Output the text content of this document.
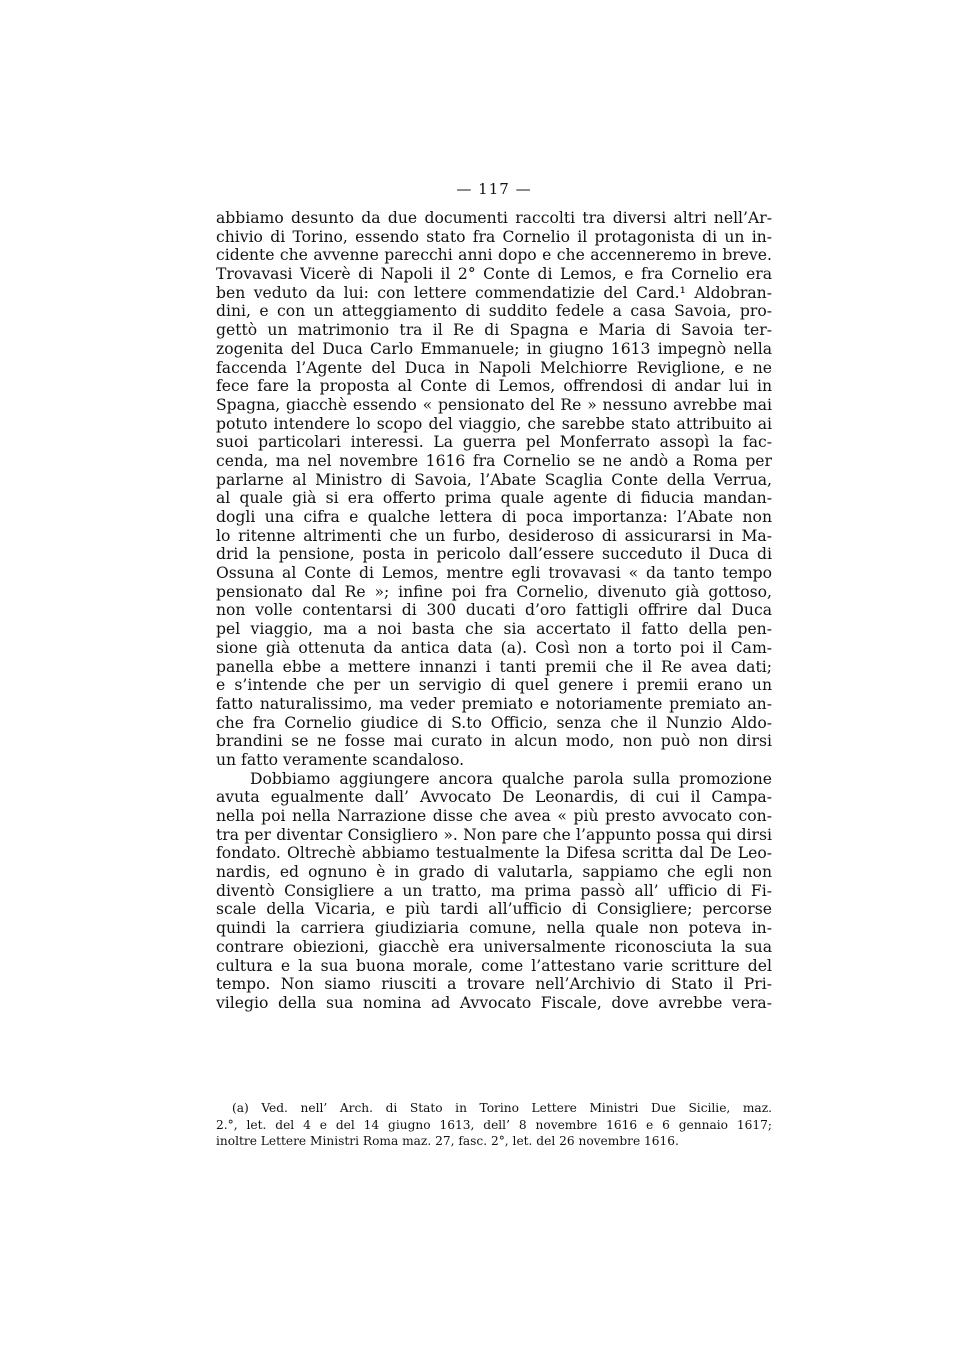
— 117 —
abbiamo desunto da due documenti raccolti tra diversi altri nell’Ar-
chivio di Torino, essendo stato fra Cornelio il protagonista di un in-
cidente che avvenne parecchi anni dopo e che accenneremo in breve.
Trovavasi Vicerè di Napoli il 2° Conte di Lemos, e fra Cornelio era
ben veduto da lui: con lettere commendatizie del Card.¹ Aldobran-
dini, e con un atteggiamento di suddito fedele a casa Savoia, pro-
gettò un matrimonio tra il Re di Spagna e Maria di Savoia ter-
zogenita del Duca Carlo Emmanuele; in giugno 1613 impegnò nella
faccenda l’Agente del Duca in Napoli Melchiorre Reviglione, e ne
fece fare la proposta al Conte di Lemos, offrendosi di andar lui in
Spagna, giacchè essendo « pensionato del Re » nessuno avrebbe mai
potuto intendere lo scopo del viaggio, che sarebbe stato attribuito ai
suoi particolari interessi. La guerra pel Monferrato assopì la fac-
cenda, ma nel novembre 1616 fra Cornelio se ne andò a Roma per
parlarne al Ministro di Savoia, l’Abate Scaglia Conte della Verrua,
al quale già si era offerto prima quale agente di fiducia mandan-
dogli una cifra e qualche lettera di poca importanza: l’Abate non
lo ritenne altrimenti che un furbo, desideroso di assicurarsi in Ma-
drid la pensione, posta in pericolo dall’essere succeduto il Duca di
Ossuna al Conte di Lemos, mentre egli trovavasi « da tanto tempo
pensionato dal Re »; infine poi fra Cornelio, divenuto già gottoso,
non volle contentarsi di 300 ducati d’oro fattigli offrire dal Duca
pel viaggio, ma a noi basta che sia accertato il fatto della pen-
sione già ottenuta da antica data (a). Così non a torto poi il Cam-
panella ebbe a mettere innanzi i tanti premii che il Re avea dati;
e s’intende che per un servigio di quel genere i premii erano un
fatto naturalissimo, ma veder premiato e notoriamente premiato an-
che fra Cornelio giudice di S.to Officio, senza che il Nunzio Aldo-
brandini se ne fosse mai curato in alcun modo, non può non dirsi
un fatto veramente scandaloso.
Dobbiamo aggiungere ancora qualche parola sulla promozione
avuta egualmente dall’ Avvocato De Leonardis, di cui il Campa-
nella poi nella Narrazione disse che avea « più presto avvocato con-
tra per diventar Consigliero ». Non pare che l’appunto possa qui dirsi
fondato. Oltrechè abbiamo testualmente la Difesa scritta dal De Leo-
nardis, ed ognuno è in grado di valutarla, sappiamo che egli non
diventò Consigliere a un tratto, ma prima passò all’ ufficio di Fi-
scale della Vicaria, e più tardi all’ufficio di Consigliere; percorse
quindi la carriera giudiziaria comune, nella quale non poteva in-
contrare obiezioni, giacchè era universalmente riconosciuta la sua
cultura e la sua buona morale, come l’attestano varie scritture del
tempo. Non siamo riusciti a trovare nell’Archivio di Stato il Pri-
vilegio della sua nomina ad Avvocato Fiscale, dove avrebbe vera-
(a) Ved. nell’ Arch. di Stato in Torino Lettere Ministri Due Sicilie, maz.
2.°, let. del 4 e del 14 giugno 1613, dell’ 8 novembre 1616 e 6 gennaio 1617;
inoltre Lettere Ministri Roma maz. 27, fasc. 2°, let. del 26 novembre 1616.
